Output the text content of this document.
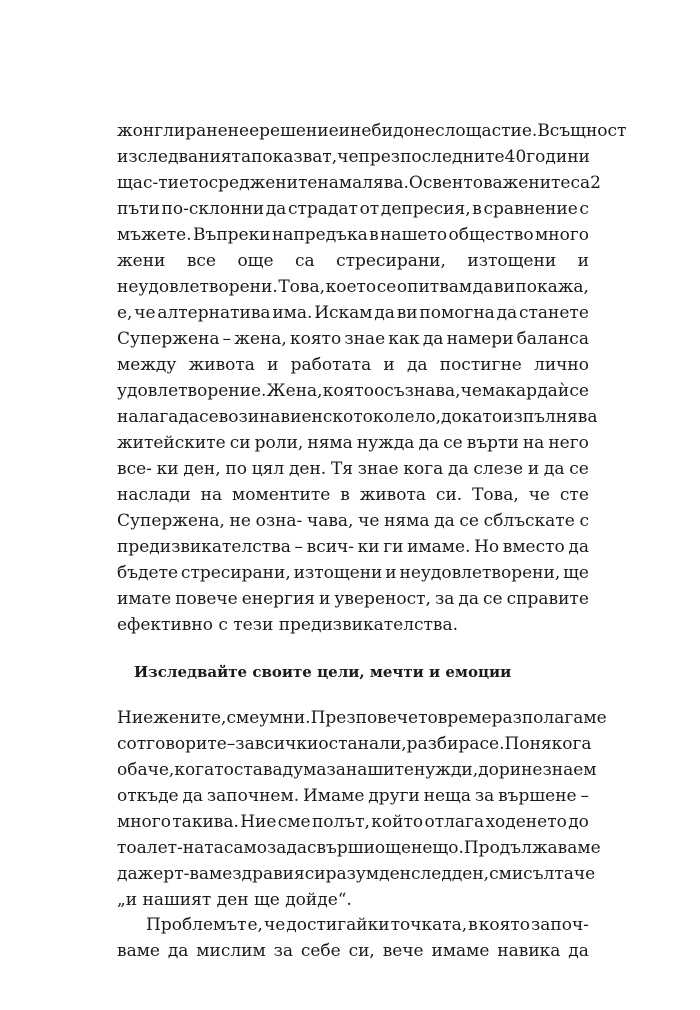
жонглиране не е решение и не би донесло щастие. Всъщност
изследванията показват, че през последните 40 години
щас- тието сред жените намалява. Освен това жените са 2
пъти по-склонни да страдат от депресия, в сравнение с
мъжете. Въпреки напредъка в нашето общество много
жени все още са стресирани, изтощени и
неудовлетворени. Това, което се опитвам да ви покажа,
е, че алтернатива има. Искам да ви помогна да станете
Супержена – жена, която знае как да намери баланса
между живота и работата и да постигне лично
удовлетворение. Жена, която осъзнава, че макар да ѝ се
налага да се вози на виенското колело, докато изпълнява
житейските си роли, няма нужда да се върти на него
все- ки ден, по цял ден. Тя знае кога да слезе и да се
наслади на моментите в живота си. Това, че сте
Супержена, не озна- чава, че няма да се сблъскате с
предизвикателства – всич- ки ги имаме. Но вместо да
бъдете стресирани, изтощени и неудовлетворени, ще
имате повече енергия и увереност, за да се справите
ефективно с тези предизвикателства.
Изследвайте своите цели, мечти и емоции
Ние жените, сме умни. През повечето време разполагаме
с отговорите – за всички останали, разбира се. Понякога
обаче, когато става дума за нашите нужди, дори не знаем
откъде да започнем. Имаме други неща за вършене –
много такива. Ние сме полът, който отлага ходенето до
тоалет- ната само за да свърши още нещо. Продължаваме
да жерт- ваме здравия си разум ден след ден, с мисълта че
„и нашият ден ще дойде“.
Проблемът е, че достигайки точката, в която започ-
ваме да мислим за себе си, вече имаме навика да
